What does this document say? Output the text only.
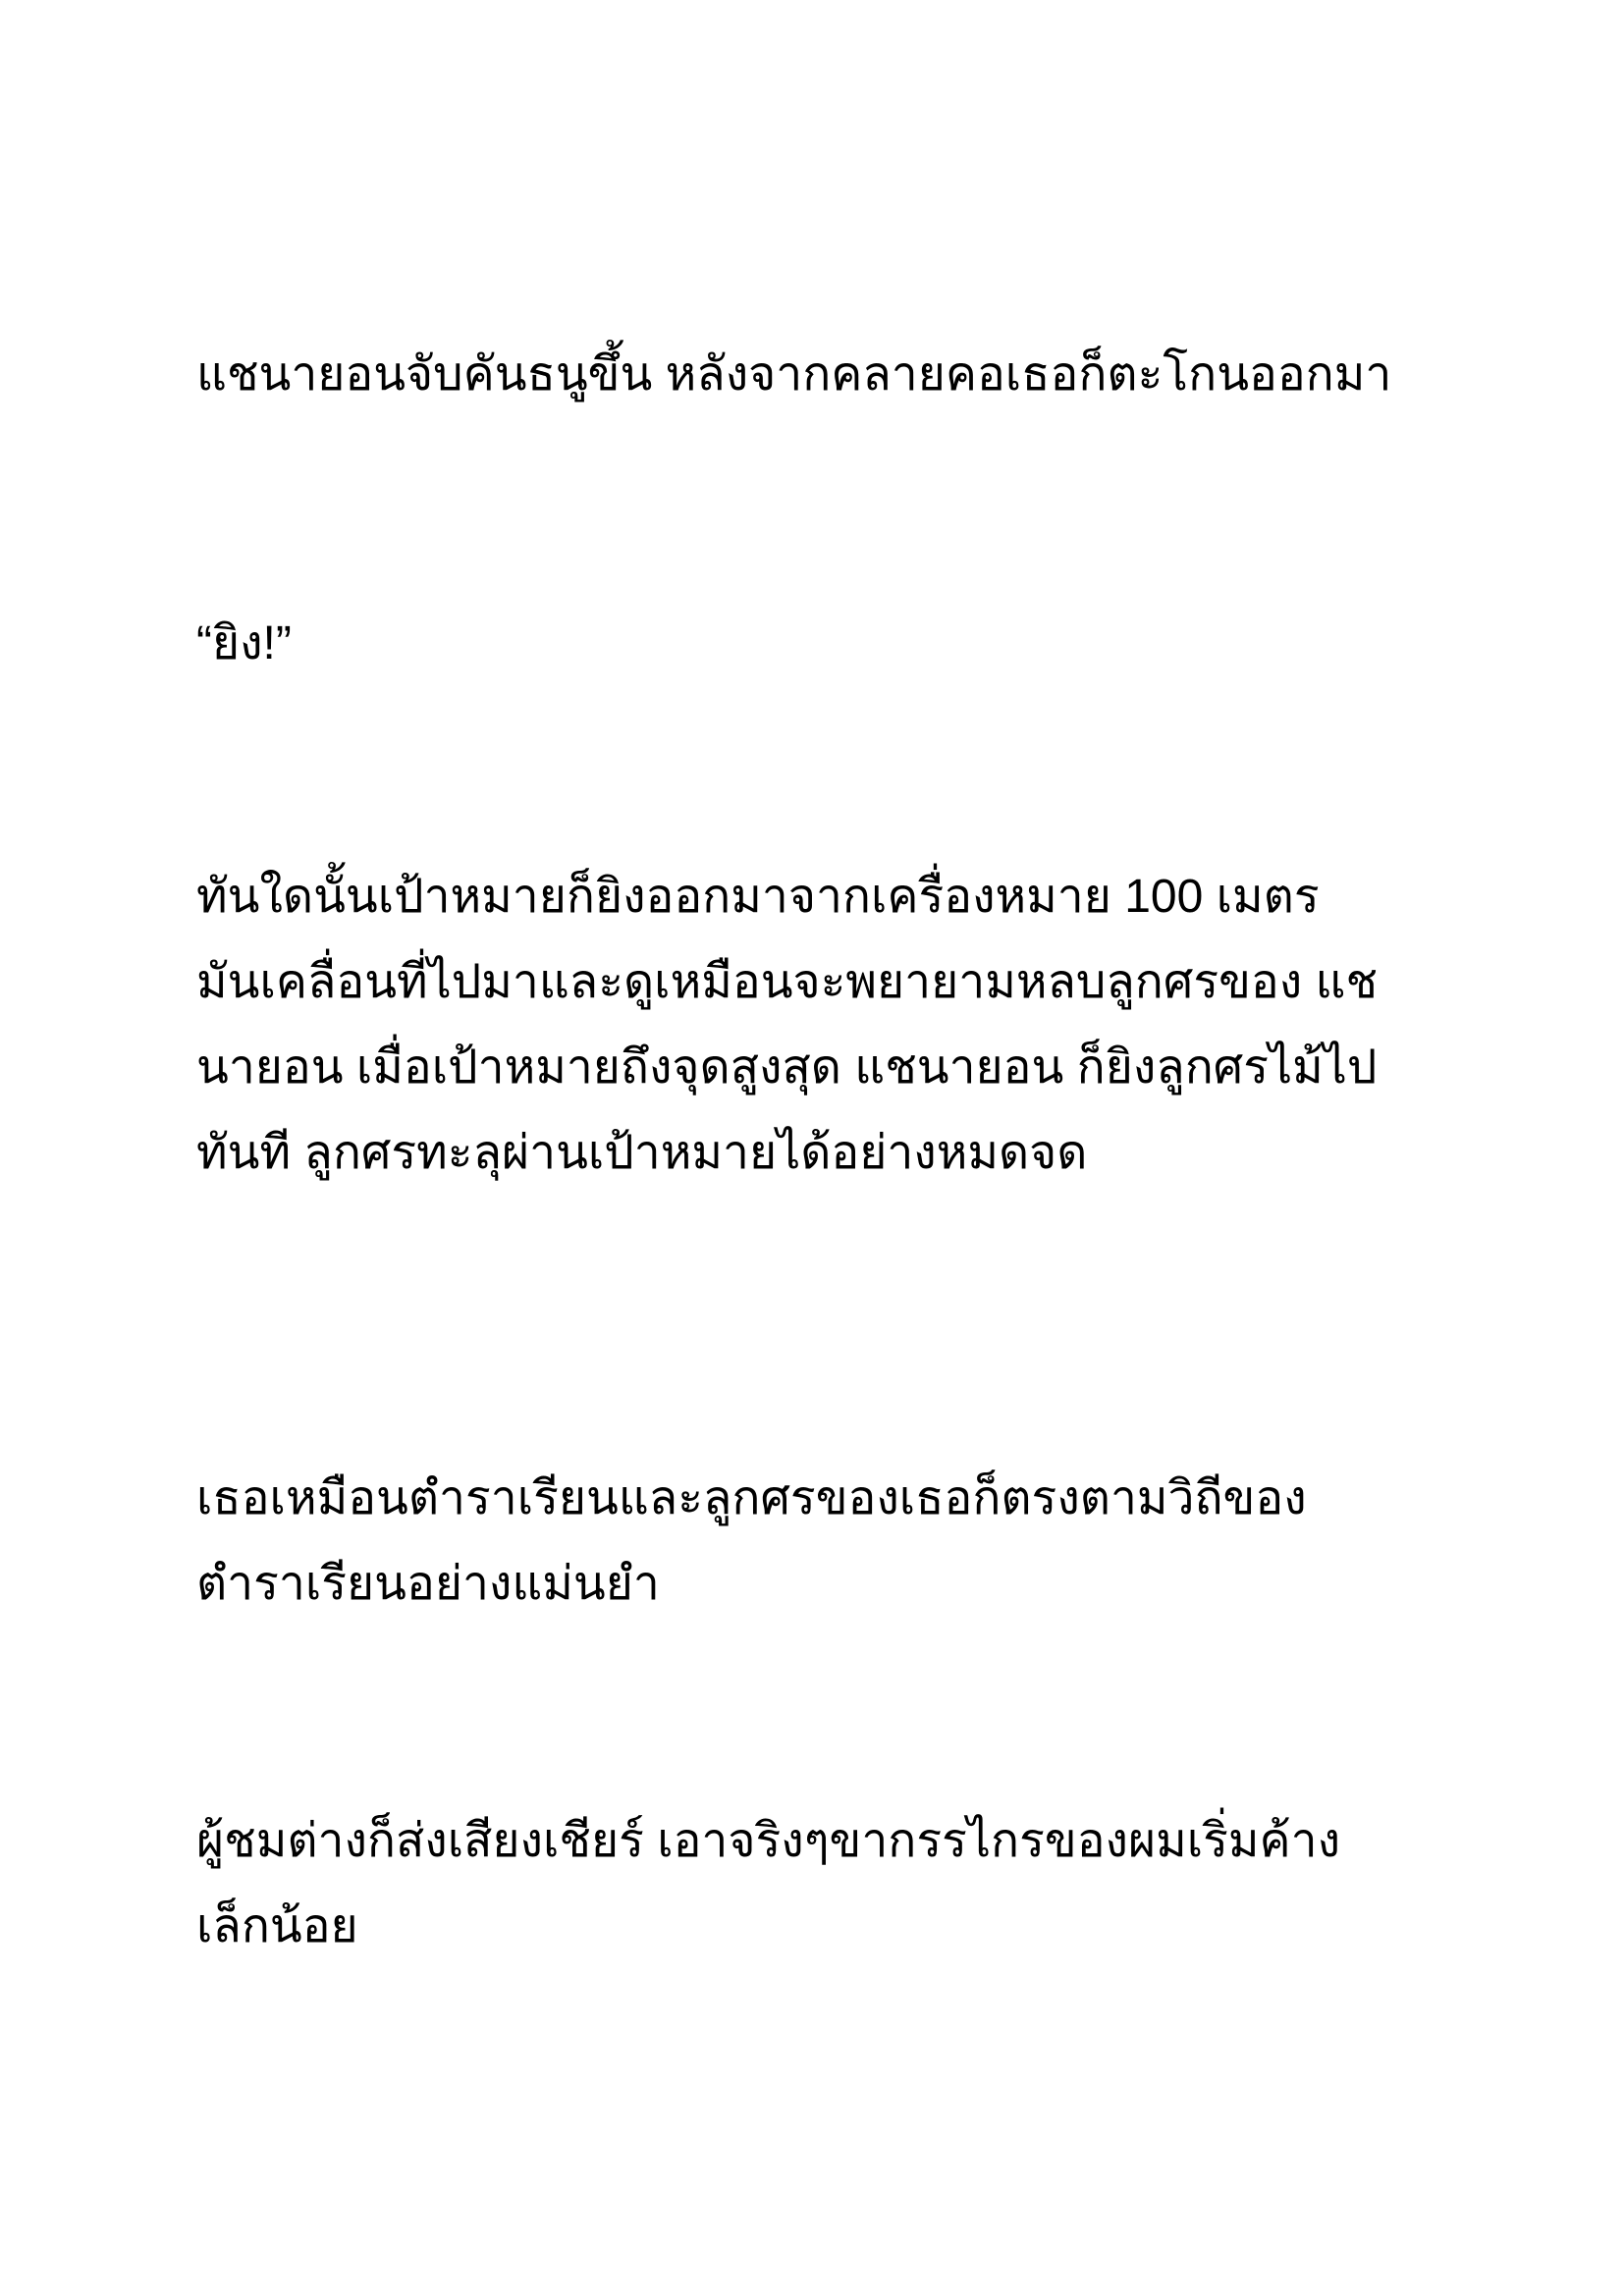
แชนายอนจับคันธนูขึ้น หลังจากคลายคอเธอก็ตะโกนออกมา

“ยิง!”

ทันใดนั้นเป้าหมายก็ยิงออกมาจากเครื่องหมาย 100 เมตร
มันเคลื่อนที่ไปมาและดูเหมือนจะพยายามหลบลูกศรของ แช
นายอน เมื่อเป้าหมายถึงจุดสูงสุด แชนายอน ก็ยิงลูกศรไม้ไป
ทันที ลูกศรทะลุผ่านเป้าหมายได้อย่างหมดจด

เธอเหมือนตำราเรียนและลูกศรของเธอก็ตรงตามวิถีของ
ตำราเรียนอย่างแม่นยำ

ผู้ชมต่างก็ส่งเสียงเชียร์ เอาจริงๆขากรรไกรของผมเริ่มค้าง
เล็กน้อย
